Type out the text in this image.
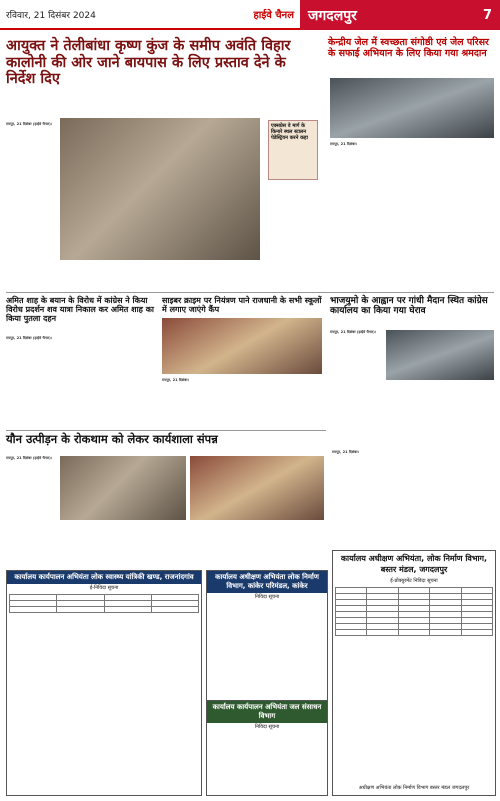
रविवार, 21 दिसंबर 2024	हाईवे चैनल जगदलपुर	7
आयुक्त ने तेलीबांधा कृष्ण कुंज के समीप अवंति विहार कालोनी की ओर जाने बायपास के लिए प्रस्ताव देने के निर्देश दिए
रायपुर, 21 दिसंबर (हाईवे चैनल)।	एक्सप्रेस वे मार्ग के किनारे स्थल स्टालन पेडेस्ट्रियन करने कहा
केन्द्रीय जेल में स्वच्छता संगोष्ठी एवं जेल परिसर के सफाई अभियान के लिए किया गया श्रमदान
रायपुर, 21 दिसंबर।
अमित शाह के बयान के विरोध में कांग्रेस ने किया विरोध प्रदर्शन शव यात्रा निकाल कर अमित शाह का किया पुतला दहन
रायपुर, 21 दिसंबर (हाईवे चैनल)।
साइबर क्राइम पर नियंत्रण पाने राजधानी के सभी स्कूलों में लगाए जाएंगे कैंप
रायपुर, 21 दिसंबर।
भाजयुमो के आह्वान पर गांधी मैदान स्थित कांग्रेस कार्यालय का किया गया घेराव
रायपुर, 21 दिसंबर (हाईवे चैनल)।
यौन उत्पीड़न के रोकथाम को लेकर कार्यशाला संपन्न
रायपुर, 21 दिसंबर (हाईवे चैनल)।
कार्यालय कार्यपालन अभियंता लोक स्वास्थ्य यांत्रिकी खण्ड, राजनांदगांव
ई-निविदा सूचना

कार्यालय अधीक्षण अभियंता लोक निर्माण विभाग, कांकेर परिमंडल, कांकेर
निविदा सूचना
कार्यालय कार्यपालन अभियंता जल संसाधन विभाग
निविदा सूचना
रायपुर, 21 दिसंबर।
कार्यालय अधीक्षण अभियंता, लोक निर्माण विभाग, बस्तर मंडल, जगदलपुर
ई-प्रोक्युरमेंट निविदा सूचना

अधीक्षण अभियंता लोक निर्माण विभाग बस्तर मंडल जगदलपुर
